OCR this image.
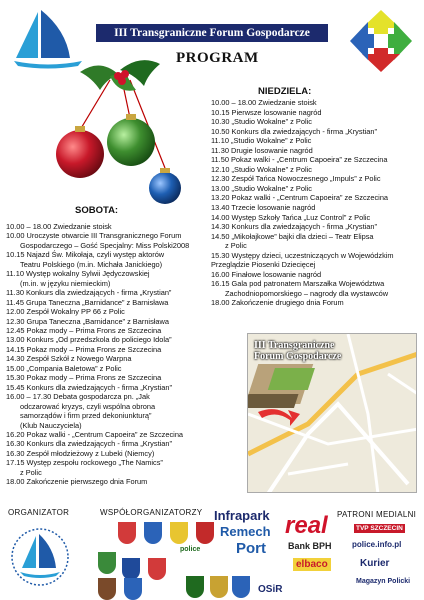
III Transgraniczne Forum Gospodarcze
PROGRAM
SOBOTA:
10.00 – 18.00 Zwiedzanie stoisk
10.00 Uroczyste otwarcie III Transgranicznego Forum
Gospodarczego – Gość Specjalny: Miss Polski2008
10.15 Najazd Św. Mikołaja, czyli występ aktorów
Teatru Polskiego (m.in. Michała Janickiego)
11.10 Występ wokalny Sylwii Jędyczowskiej
(m.in. w języku niemieckim)
11.30 Konkurs dla zwiedzających - firma „Krystian”
11.45 Grupa Taneczna „Barnidance” z Barnisława
12.00 Zespół Wokalny PP 66 z Polic
12.30 Grupa Taneczna „Barnidance” z Barnisława
12.45 Pokaz mody – Prima Frons ze Szczecina
13.00 Konkurs „Od przedszkola do policiego Idola”
14.15 Pokaz mody – Prima Frons ze Szczecina
14.30 Zespół Szkół z Nowego Warpna
15.00 „Compania Baletowa” z Polic
15.30 Pokaz mody – Prima Frons ze Szczecina
15.45 Konkurs dla zwiedzających - firma „Krystian”
16.00 – 17.30 Debata gospodarcza pn. „Jak
odczarować kryzys, czyli wspólna obrona
samorządów i firm przed dekoniunkturą”
(Klub Nauczyciela)
16.20 Pokaz walki - „Centrum Capoeira” ze Szczecina
16.30 Konkurs dla zwiedzających - firma „Krystian”
16.30 Zespół młodzieżowy z Lubeki (Niemcy)
17.15 Występ zespołu rockowego „The Namics”
z Polic
18.00 Zakończenie pierwszego dnia Forum
NIEDZIELA:
10.00 – 18.00 Zwiedzanie stoisk
10.15 Pierwsze losowanie nagród
10.30 „Studio Wokalne” z Polic
10.50 Konkurs dla zwiedzających - firma „Krystian”
11.10 „Studio Wokalne” z Polic
11.30 Drugie losowanie nagród
11.50 Pokaz walki - „Centrum Capoeira” ze Szczecina
12.10 „Studio Wokalne” z Polic
12.30 Zespół Tańca Nowoczesnego „Impuls” z Polic
13.00 „Studio Wokalne” z Polic
13.20 Pokaz walki - „Centrum Capoeira” ze Szczecina
13.40 Trzecie losowanie nagród
14.00 Występ Szkoły Tańca „Luz Control” z Polic
14.30 Konkurs dla zwiedzających - firma „Krystian”
14.50 „Mikołajkowe” bajki dla dzieci – Teatr Elipsa
z Polic
15.30 Występy dzieci, uczestniczących w Wojewódzkim
Przeglądzie Piosenki Dziecięcej
16.00 Finałowe losowanie nagród
16.15 Gala pod patronatem Marszałka Województwa
Zachodniopomorskiego – nagrody dla wystawców
18.00 Zakończenie drugiego dnia Forum
III Transgraniczne Forum Gospodarcze
ORGANIZATOR	WSPÓŁORGANIZATORZY	PATRONI MEDIALNI
Infrapark
Remech real
Port Bank BPH
elbaco
OSiR
TVP SZCZECIN
police.info.pl
Kurier
Magazyn Policki
police
